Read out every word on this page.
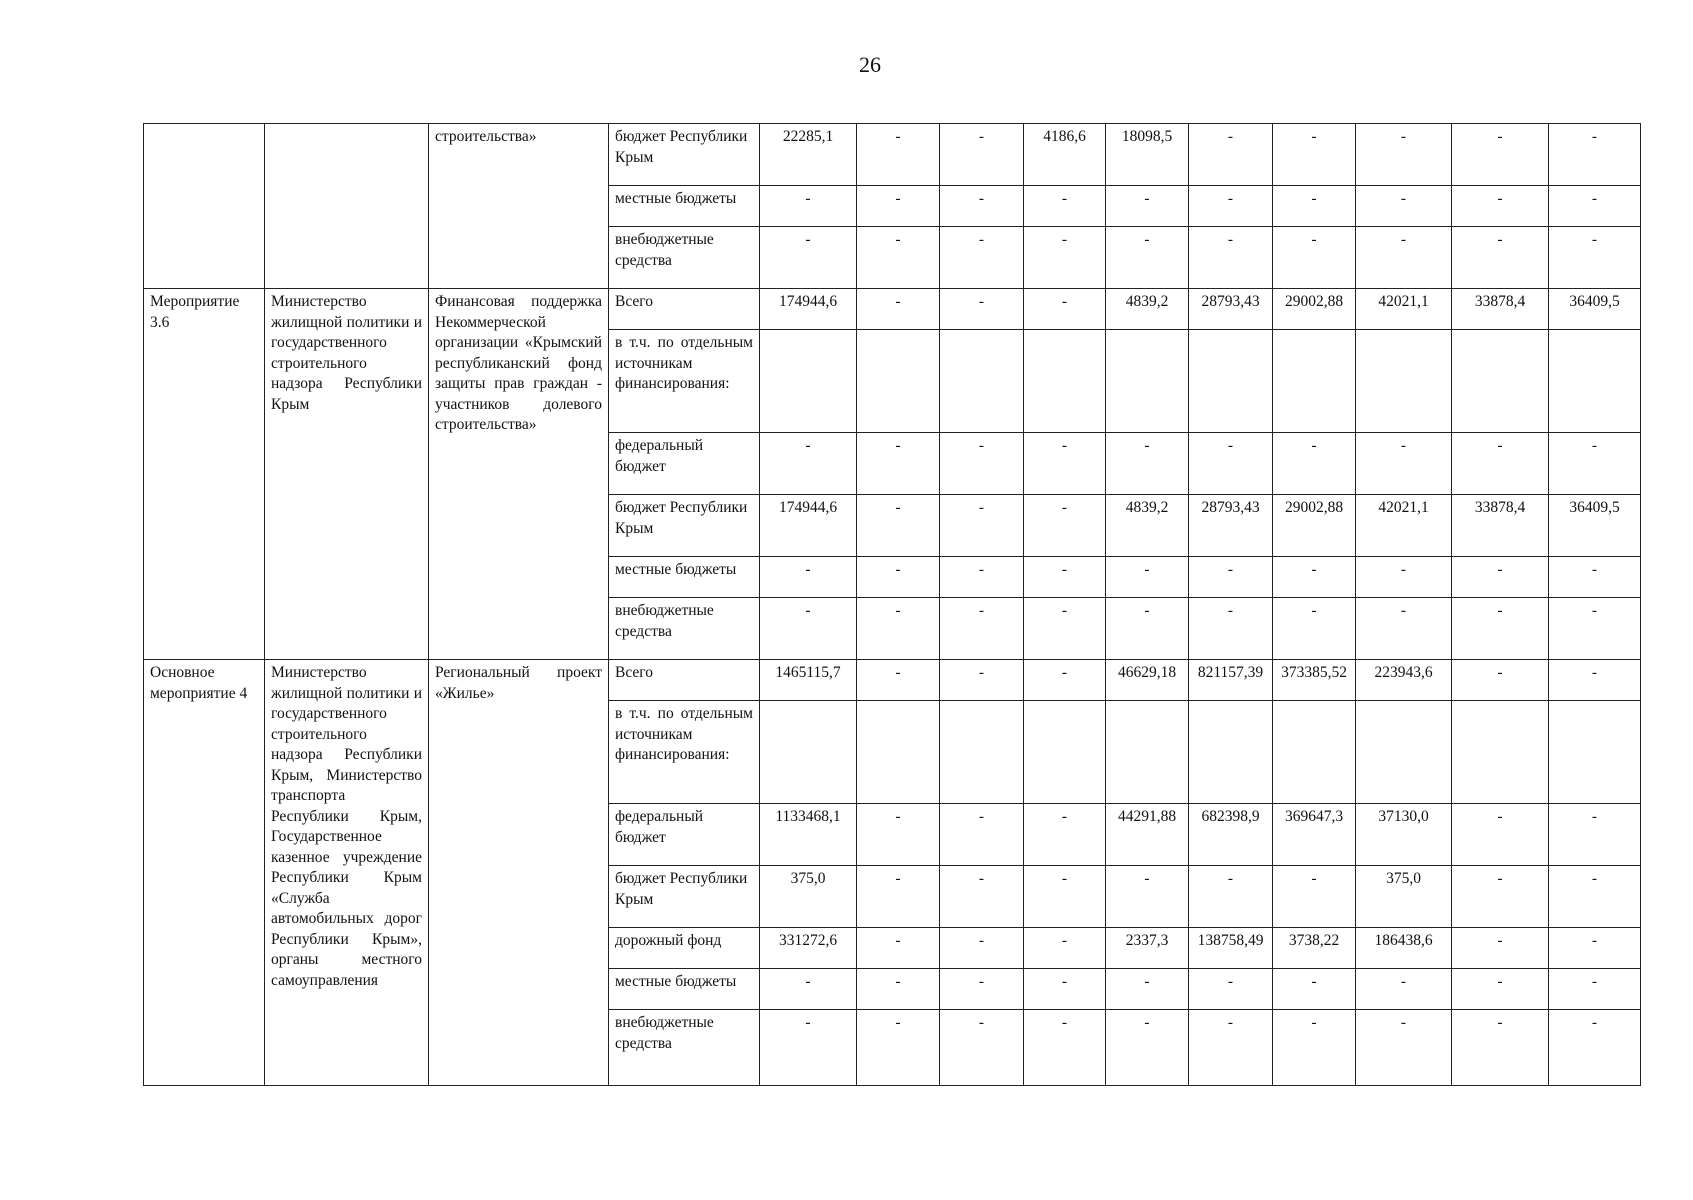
26
		строительства»	бюджет Республики Крым	22285,1	-	-	4186,6	18098,5	-	-	-	-	-
			местные бюджеты	-	-	-	-	-	-	-	-	-	-
			внебюджетные средства	-	-	-	-	-	-	-	-	-	-
Мероприятие 3.6	Министерство жилищной политики и государственного строительного надзора Республики Крым	Финансовая поддержка Некоммерческой организации «Крымский республиканский фонд защиты прав граждан - участников долевого строительства»	Всего	174944,6	-	-	-	4839,2	28793,43	29002,88	42021,1	33878,4	36409,5
			в т.ч. по отдельным источникам финансирования:										
			федеральный бюджет	-	-	-	-	-	-	-	-	-	-
			бюджет Республики Крым	174944,6	-	-	-	4839,2	28793,43	29002,88	42021,1	33878,4	36409,5
			местные бюджеты	-	-	-	-	-	-	-	-	-	-
			внебюджетные средства	-	-	-	-	-	-	-	-	-	-
Основное мероприятие 4	Министерство жилищной политики и государственного строительного надзора Республики Крым, Министерство транспорта Республики Крым, Государственное казенное учреждение Республики Крым «Служба автомобильных дорог Республики Крым», органы местного самоуправления	Региональный проект «Жилье»	Всего	1465115,7	-	-	-	46629,18	821157,39	373385,52	223943,6	-	-
			в т.ч. по отдельным источникам финансирования:										
			федеральный бюджет	1133468,1	-	-	-	44291,88	682398,9	369647,3	37130,0	-	-
			бюджет Республики Крым	375,0	-	-	-	-	-	-	375,0	-	-
			дорожный фонд	331272,6	-	-	-	2337,3	138758,49	3738,22	186438,6	-	-
			местные бюджеты	-	-	-	-	-	-	-	-	-	-
			внебюджетные средства	-	-	-	-	-	-	-	-	-	-
